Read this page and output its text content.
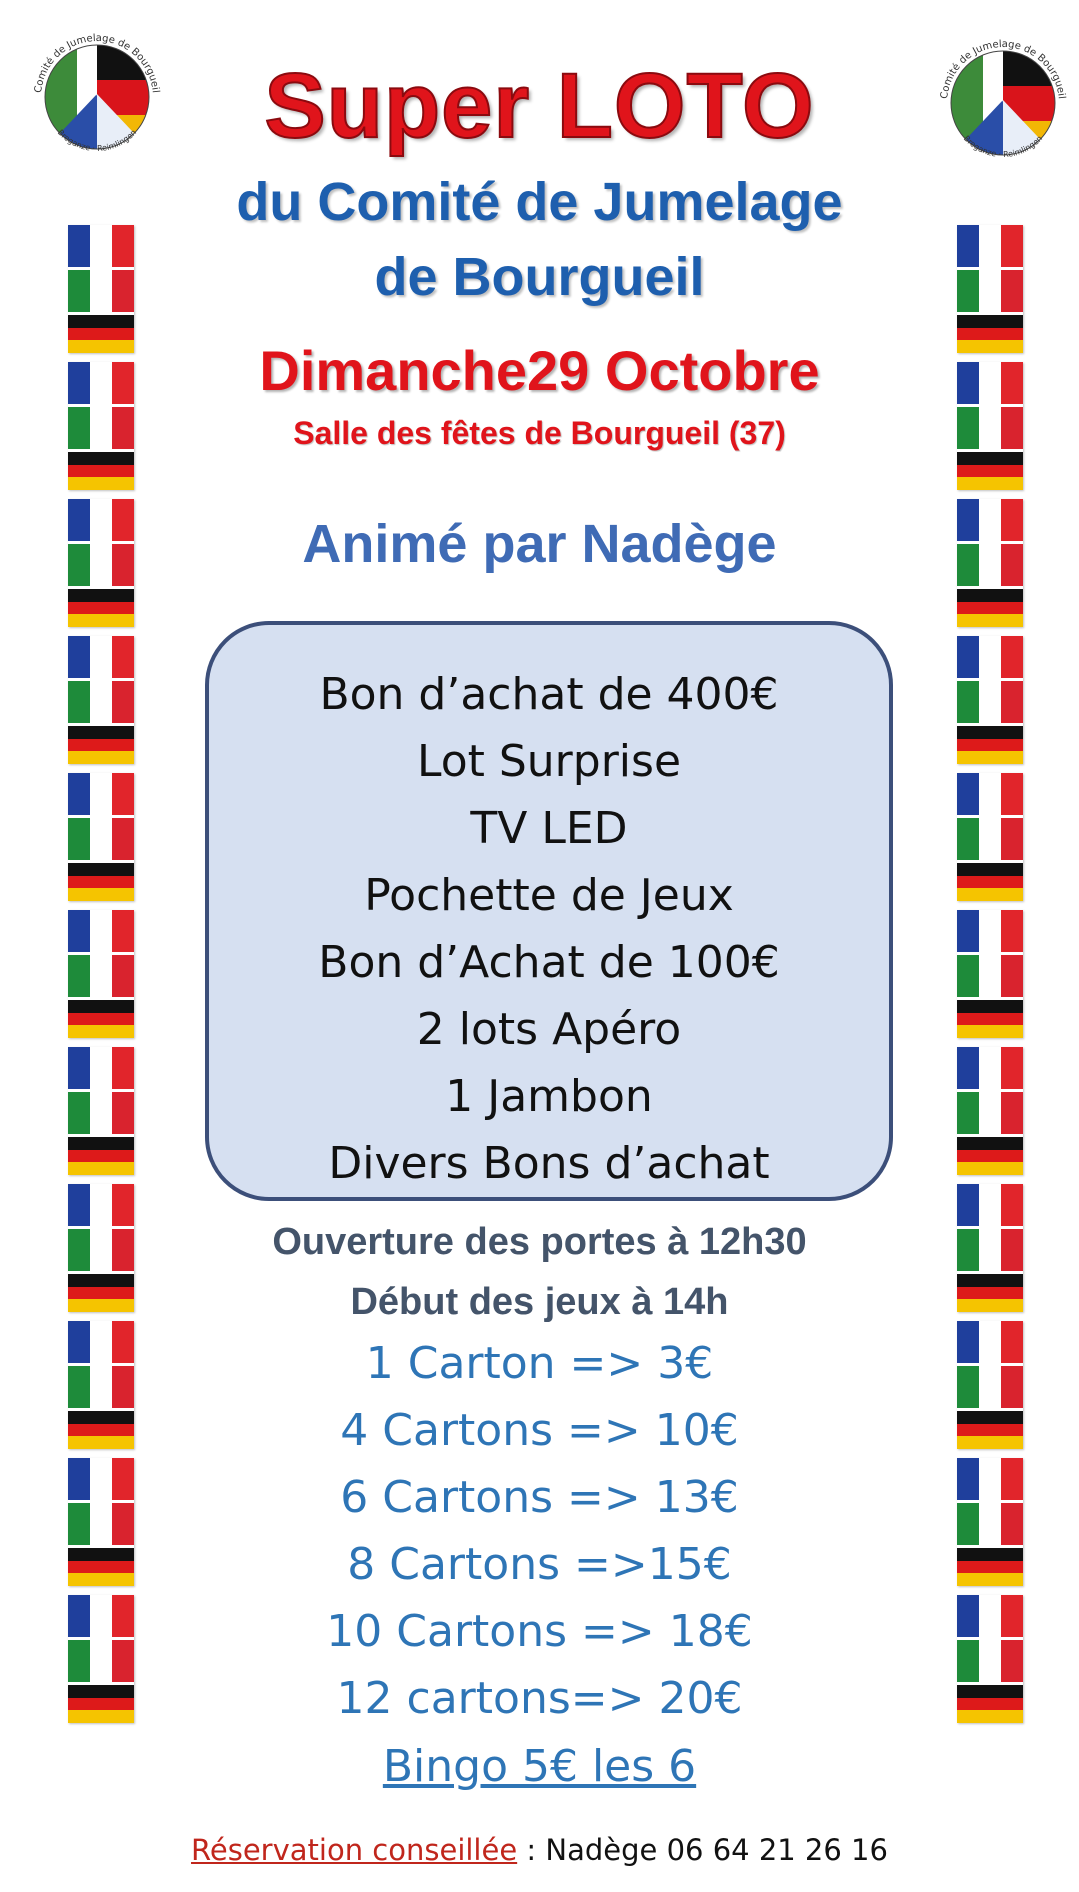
Comité de Jumelage de Bourgueil
Breganze · Reimlingen
Comité de Jumelage de Bourgueil
Breganze · Reimlingen
Super LOTO
du Comité de Jumelage
de Bourgueil
Dimanche29 Octobre
Salle des fêtes de Bourgueil (37)
Animé par Nadège
Bon d’achat de 400€
Lot Surprise
TV LED
Pochette de Jeux
Bon d’Achat de 100€
2 lots Apéro
1 Jambon
Divers Bons d’achat
Ouverture des portes à 12h30
Début des jeux à 14h
1 Carton => 3€
4 Cartons => 10€
6 Cartons => 13€
8 Cartons =>15€
10 Cartons => 18€
12 cartons=> 20€
Bingo 5€ les 6
Réservation conseillée : Nadège 06 64 21 26 16
